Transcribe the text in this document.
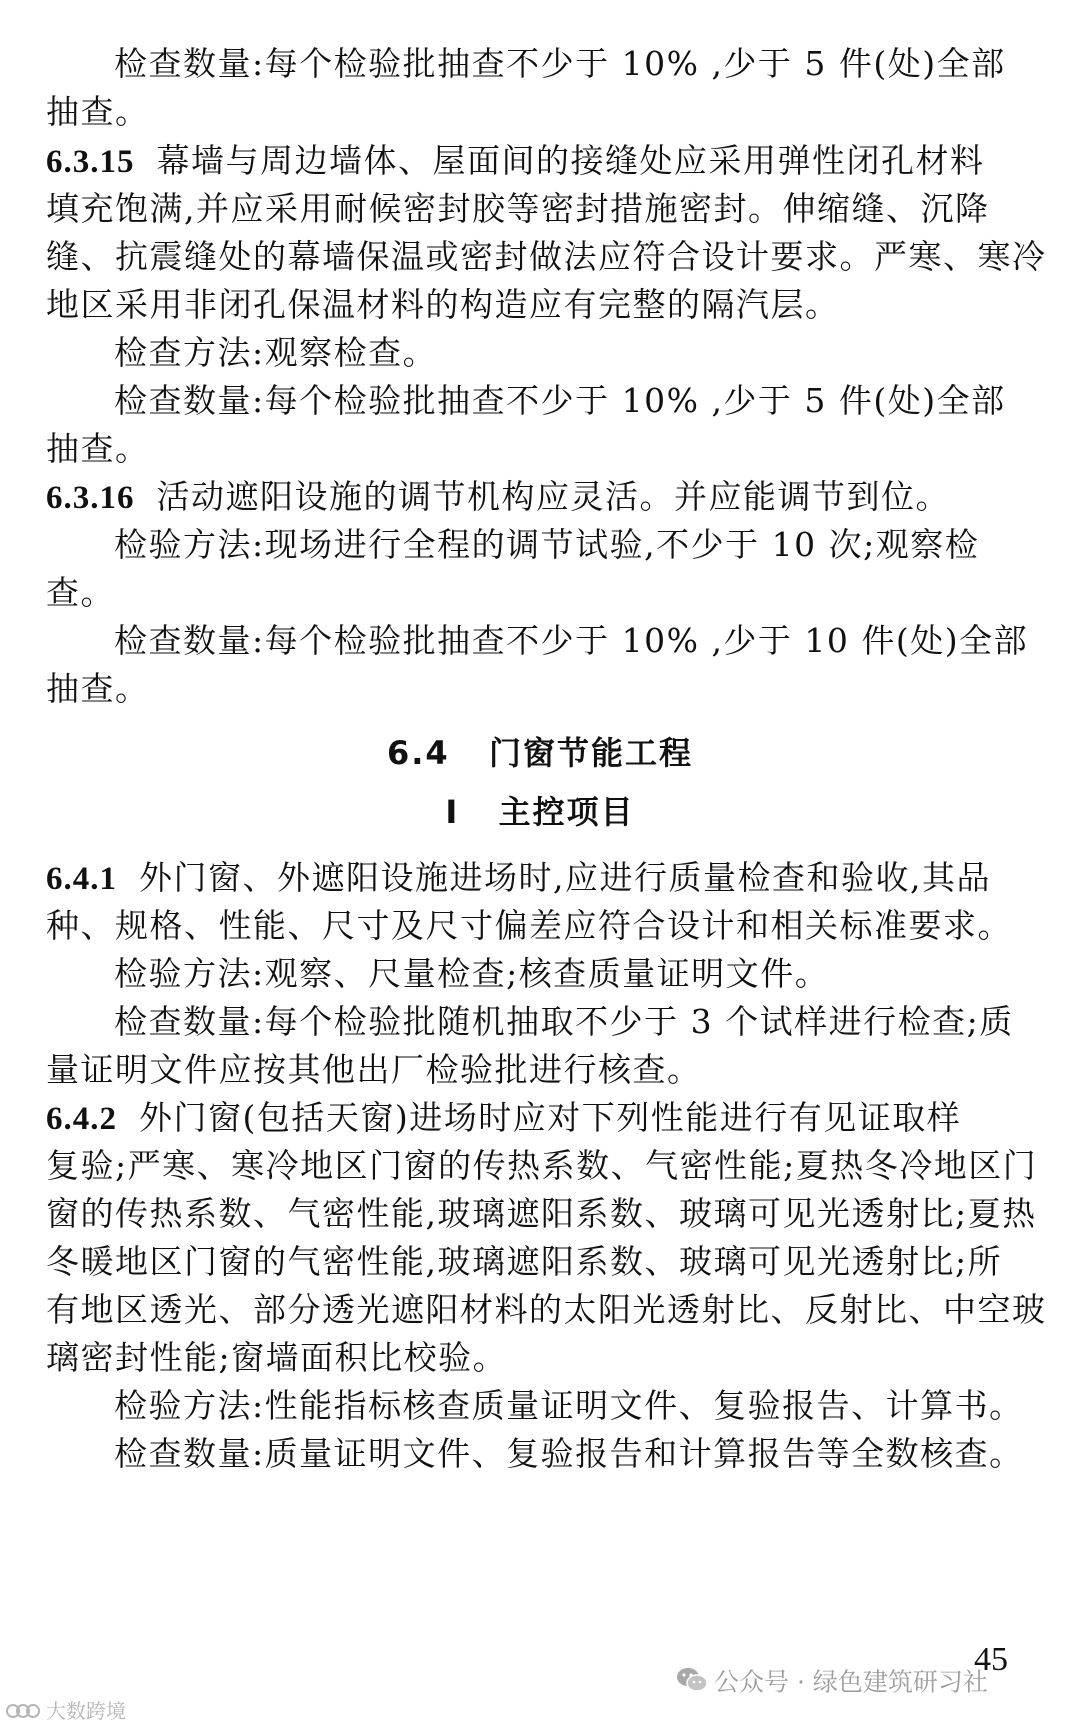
检查数量:每个检验批抽查不少于 10% ,少于 5 件(处)全部
抽查。
6.3.15 幕墙与周边墙体、屋面间的接缝处应采用弹性闭孔材料
填充饱满,并应采用耐候密封胶等密封措施密封。伸缩缝、沉降
缝、抗震缝处的幕墙保温或密封做法应符合设计要求。严寒、寒冷
地区采用非闭孔保温材料的构造应有完整的隔汽层。
检查方法:观察检查。
检查数量:每个检验批抽查不少于 10% ,少于 5 件(处)全部
抽查。
6.3.16 活动遮阳设施的调节机构应灵活。并应能调节到位。
检验方法:现场进行全程的调节试验,不少于 10 次;观察检
查。
检查数量:每个检验批抽查不少于 10% ,少于 10 件(处)全部
抽查。
6.4 门窗节能工程
I 主控项目
6.4.1 外门窗、外遮阳设施进场时,应进行质量检查和验收,其品
种、规格、性能、尺寸及尺寸偏差应符合设计和相关标准要求。
检验方法:观察、尺量检查;核查质量证明文件。
检查数量:每个检验批随机抽取不少于 3 个试样进行检查;质
量证明文件应按其他出厂检验批进行核查。
6.4.2 外门窗(包括天窗)进场时应对下列性能进行有见证取样
复验;严寒、寒冷地区门窗的传热系数、气密性能;夏热冬冷地区门
窗的传热系数、气密性能,玻璃遮阳系数、玻璃可见光透射比;夏热
冬暖地区门窗的气密性能,玻璃遮阳系数、玻璃可见光透射比;所
有地区透光、部分透光遮阳材料的太阳光透射比、反射比、中空玻
璃密封性能;窗墙面积比校验。
检验方法:性能指标核查质量证明文件、复验报告、计算书。
检查数量:质量证明文件、复验报告和计算报告等全数核查。
45
大数跨境
公众号 · 绿色建筑研习社
